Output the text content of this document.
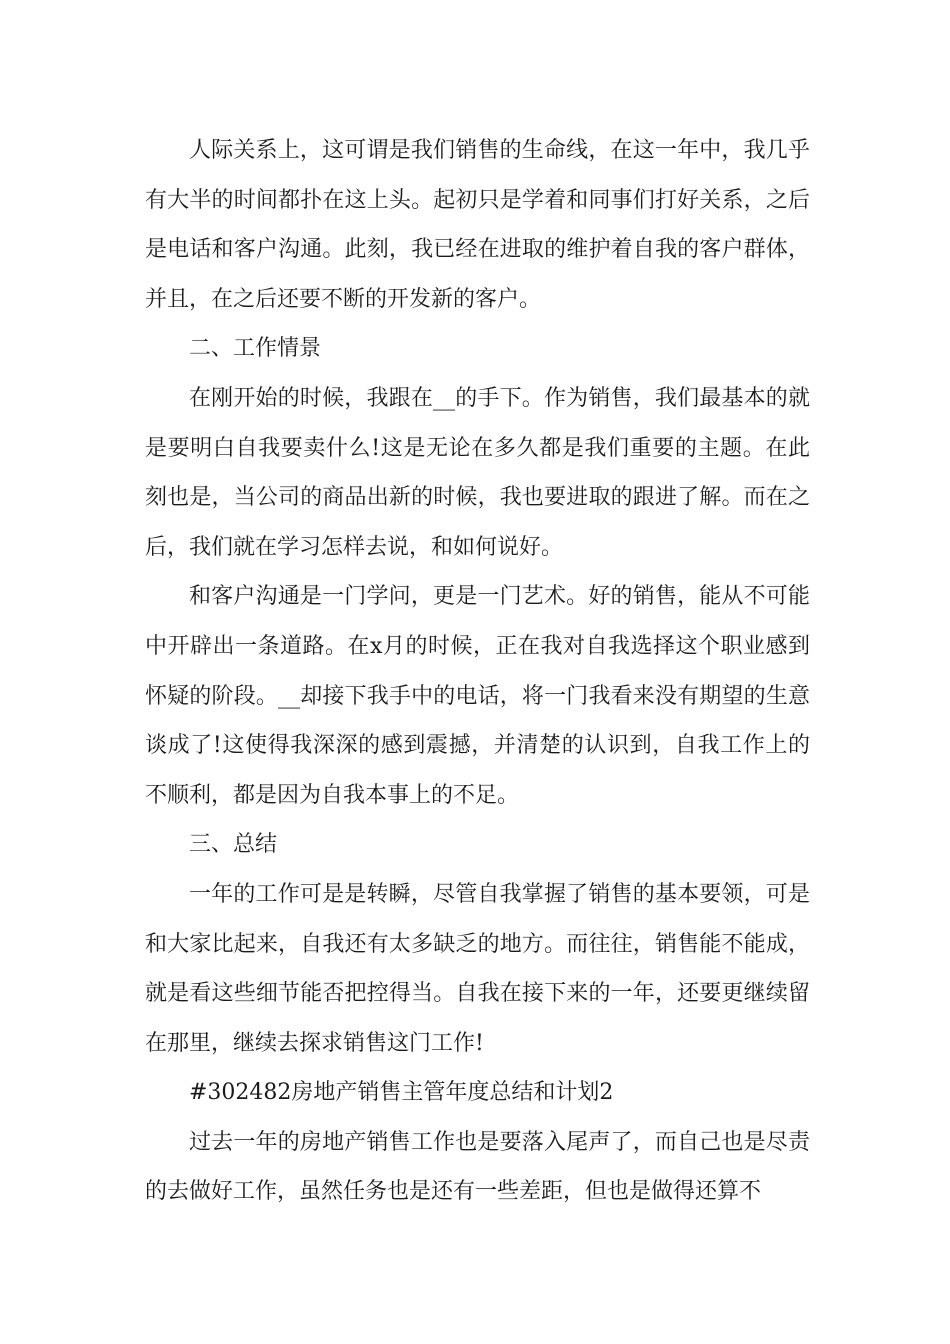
人际关系上，这可谓是我们销售的生命线，在这一年中，我几乎有大半的时间都扑在这上头。起初只是学着和同事们打好关系，之后是电话和客户沟通。此刻，我已经在进取的维护着自我的客户群体，并且，在之后还要不断的开发新的客户。

二、工作情景

在刚开始的时候，我跟在__的手下。作为销售，我们最基本的就是要明白自我要卖什么!这是无论在多久都是我们重要的主题。在此刻也是，当公司的商品出新的时候，我也要进取的跟进了解。而在之后，我们就在学习怎样去说，和如何说好。

和客户沟通是一门学问，更是一门艺术。好的销售，能从不可能中开辟出一条道路。在x月的时候，正在我对自我选择这个职业感到怀疑的阶段。__却接下我手中的电话，将一门我看来没有期望的生意谈成了!这使得我深深的感到震撼，并清楚的认识到，自我工作上的不顺利，都是因为自我本事上的不足。

三、总结

一年的工作可是是转瞬，尽管自我掌握了销售的基本要领，可是和大家比起来，自我还有太多缺乏的地方。而往往，销售能不能成，就是看这些细节能否把控得当。自我在接下来的一年，还要更继续留在那里，继续去探求销售这门工作!

#302482房地产销售主管年度总结和计划2

过去一年的房地产销售工作也是要落入尾声了，而自己也是尽责的去做好工作，虽然任务也是还有一些差距，但也是做得还算不
